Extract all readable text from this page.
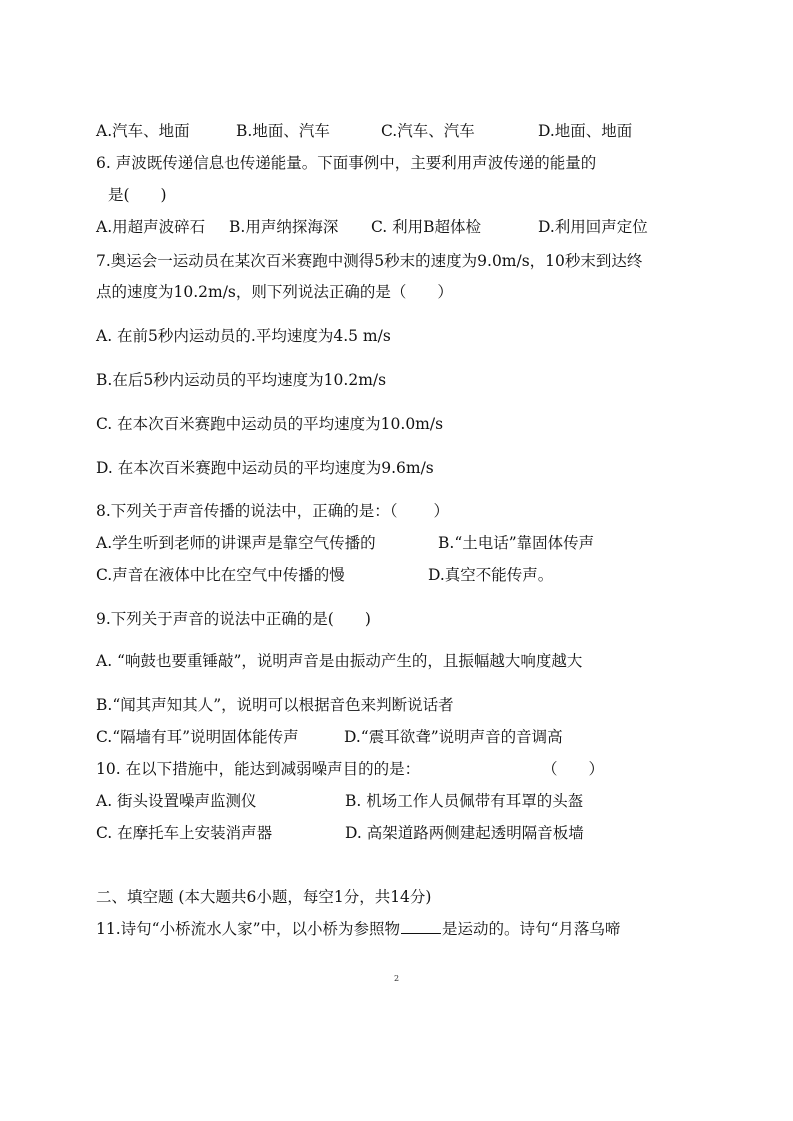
A.汽车、地面	B.地面、汽车	C.汽车、汽车	D.地面、地面
6. 声波既传递信息也传递能量。下面事例中，主要利用声波传递的能量的
是(　　)
A.用超声波碎石 B.用声纳探海深 C. 利用B超体检	D.利用回声定位
7.奥运会一运动员在某次百米赛跑中测得5秒末的速度为9.0m/s，10秒末到达终
点的速度为10.2m/s，则下列说法正确的是（　　）
A. 在前5秒内运动员的.平均速度为4.5 m/s
B.在后5秒内运动员的平均速度为10.2m/s
C. 在本次百米赛跑中运动员的平均速度为10.0m/s
D. 在本次百米赛跑中运动员的平均速度为9.6m/s
8.下列关于声音传播的说法中，正确的是：（　　 ）
A.学生听到老师的讲课声是靠空气传播的	B.“土电话”靠固体传声
C.声音在液体中比在空气中传播的慢	D.真空不能传声。
9.下列关于声音的说法中正确的是(　　)
A. “响鼓也要重锤敲”，说明声音是由振动产生的，且振幅越大响度越大
B.“闻其声知其人”，说明可以根据音色来判断说话者
C.“隔墙有耳”说明固体能传声	D.“震耳欲聋”说明声音的音调高
10. 在以下措施中，能达到减弱噪声目的的是：	（　　）
A. 街头设置噪声监测仪	B. 机场工作人员佩带有耳罩的头盔
C. 在摩托车上安装消声器	D. 高架道路两侧建起透明隔音板墙
二、填空题 (本大题共6小题，每空1分，共14分)
11.诗句“小桥流水人家”中，以小桥为参照物	是运动的。诗句“月落乌啼
2
